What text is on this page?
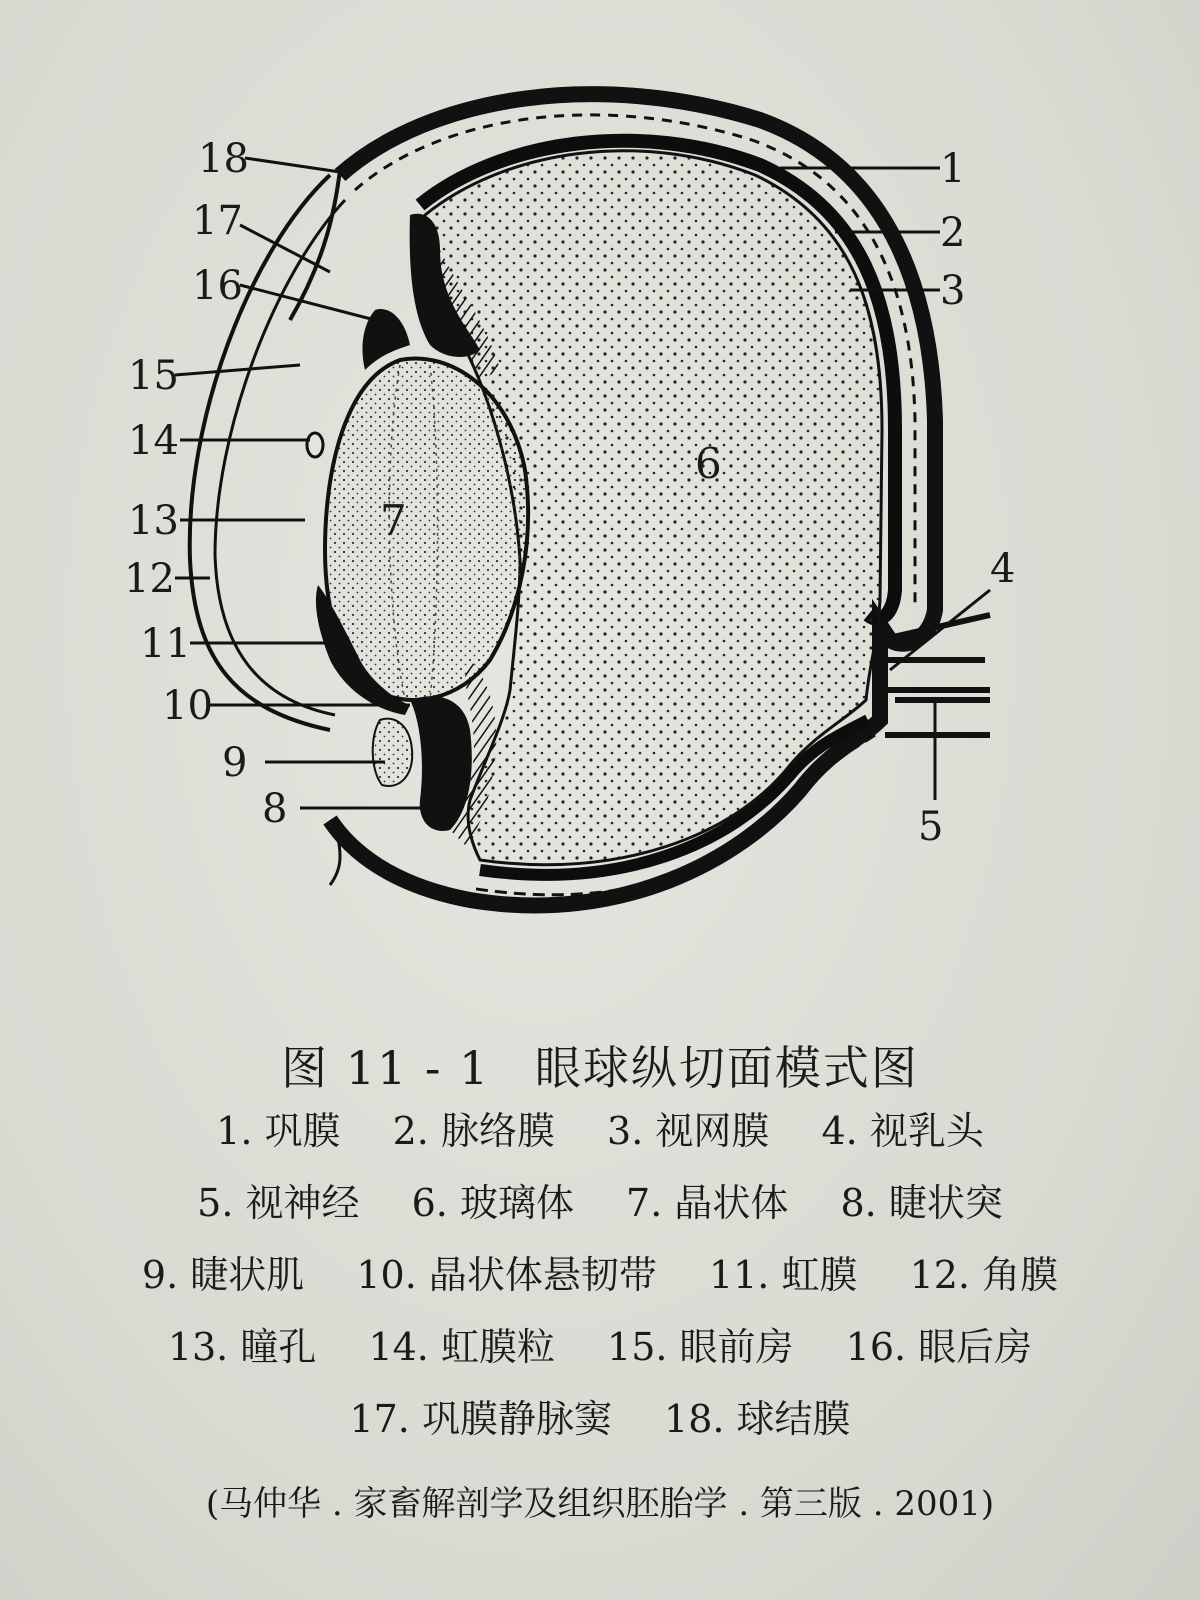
1
2
3
4
5
8
9
10
11
12
13
14
15
16
17
18
6
7
图 11 - 1 眼球纵切面模式图
1. 巩膜 2. 脉络膜 3. 视网膜 4. 视乳头
5. 视神经 6. 玻璃体 7. 晶状体 8. 睫状突
9. 睫状肌 10. 晶状体悬韧带 11. 虹膜 12. 角膜
13. 瞳孔 14. 虹膜粒 15. 眼前房 16. 眼后房
17. 巩膜静脉窦 18. 球结膜
(马仲华 . 家畜解剖学及组织胚胎学 . 第三版 . 2001)
